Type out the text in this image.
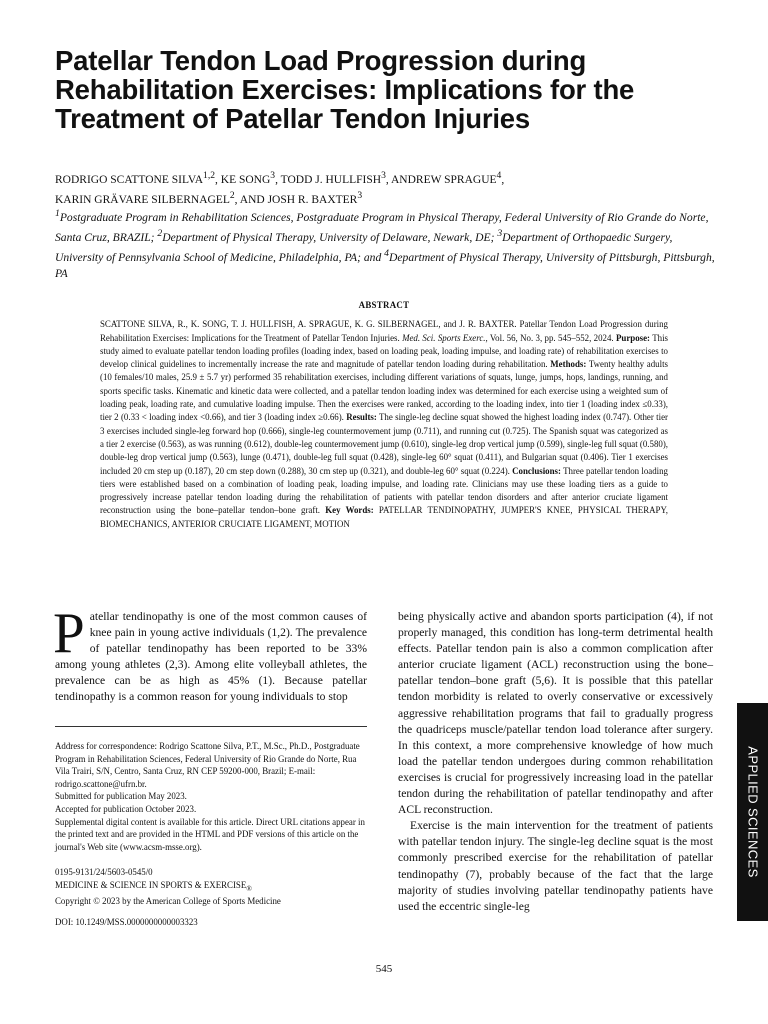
Patellar Tendon Load Progression during Rehabilitation Exercises: Implications for the Treatment of Patellar Tendon Injuries
RODRIGO SCATTONE SILVA$^{1,2}$, KE SONG$^3$, TODD J. HULLFISH$^3$, ANDREW SPRAGUE$^4$,
KARIN GRÄVARE SILBERNAGEL$^2$, AND JOSH R. BAXTER$^3$
$^1$Postgraduate Program in Rehabilitation Sciences, Postgraduate Program in Physical Therapy, Federal University of Rio Grande do Norte, Santa Cruz, BRAZIL; $^2$Department of Physical Therapy, University of Delaware, Newark, DE; $^3$Department of Orthopaedic Surgery, University of Pennsylvania School of Medicine, Philadelphia, PA; and $^4$Department of Physical Therapy, University of Pittsburgh, Pittsburgh, PA
ABSTRACT

SCATTONE SILVA, R., K. SONG, T. J. HULLFISH, A. SPRAGUE, K. G. SILBERNAGEL, and J. R. BAXTER. Patellar Tendon Load Progression during Rehabilitation Exercises: Implications for the Treatment of Patellar Tendon Injuries. Med. Sci. Sports Exerc., Vol. 56, No. 3, pp. 545–552, 2024. Purpose: This study aimed to evaluate patellar tendon loading profiles (loading index, based on loading peak, loading impulse, and loading rate) of rehabilitation exercises to develop clinical guidelines to incrementally increase the rate and magnitude of patellar tendon loading during rehabilitation. Methods: Twenty healthy adults (10 females/10 males, 25.9 ± 5.7 yr) performed 35 rehabilitation exercises, including different variations of squats, lunge, jumps, hops, landings, running, and sports specific tasks. Kinematic and kinetic data were collected, and a patellar tendon loading index was determined for each exercise using a weighted sum of loading peak, loading rate, and cumulative loading impulse. Then the exercises were ranked, according to the loading index, into tier 1 (loading index ≤0.33), tier 2 (0.33 < loading index <0.66), and tier 3 (loading index ≥0.66). Results: The single-leg decline squat showed the highest loading index (0.747). Other tier 3 exercises included single-leg forward hop (0.666), single-leg countermovement jump (0.711), and running cut (0.725). The Spanish squat was categorized as a tier 2 exercise (0.563), as was running (0.612), double-leg countermovement jump (0.610), single-leg drop vertical jump (0.599), single-leg full squat (0.580), double-leg drop vertical jump (0.563), lunge (0.471), double-leg full squat (0.428), single-leg 60° squat (0.411), and Bulgarian squat (0.406). Tier 1 exercises included 20 cm step up (0.187), 20 cm step down (0.288), 30 cm step up (0.321), and double-leg 60° squat (0.224). Conclusions: Three patellar tendon loading tiers were established based on a combination of loading peak, loading impulse, and loading rate. Clinicians may use these loading tiers as a guide to progressively increase patellar tendon loading during the rehabilitation of patients with patellar tendon disorders and after anterior cruciate ligament reconstruction using the bone–patellar tendon–bone graft. Key Words: PATELLAR TENDINOPATHY, JUMPER'S KNEE, PHYSICAL THERAPY, BIOMECHANICS, ANTERIOR CRUCIATE LIGAMENT, MOTION

Patellar tendinopathy is one of the most common causes of knee pain in young active individuals (1,2). The prevalence of patellar tendinopathy has been reported to be 33% among young athletes (2,3). Among elite volleyball athletes, the prevalence can be as high as 45% (1). Because patellar tendinopathy is a common reason for young individuals to stop

Address for correspondence: Rodrigo Scattone Silva, P.T., M.Sc., Ph.D., Postgraduate Program in Rehabilitation Sciences, Federal University of Rio Grande do Norte, Rua Vila Trairi, S/N, Centro, Santa Cruz, RN CEP 59200-000, Brazil; E-mail: rodrigo.scattone@ufrn.br.

Submitted for publication May 2023.

Accepted for publication October 2023.

Supplemental digital content is available for this article. Direct URL citations appear in the printed text and are provided in the HTML and PDF versions of this article on the journal's Web site (www.acsm-msse.org).

0195-9131/24/5603-0545/0

MEDICINE & SCIENCE IN SPORTS & $EXERCISE_®$

Copyright © 2023 by the American College of Sports Medicine

DOI: 10.1249/MSS.0000000000003323

being physically active and abandon sports participation (4), if not properly managed, this condition has long-term detrimental health effects. Patellar tendon pain is also a common complication after anterior cruciate ligament (ACL) reconstruction using the bone–patellar tendon–bone graft (5,6). It is possible that this patellar tendon morbidity is related to overly conservative or excessively aggressive rehabilitation programs that fail to gradually progress the quadriceps muscle/patellar tendon load tolerance after surgery. In this context, a more comprehensive knowledge of how much load the patellar tendon undergoes during common rehabilitation exercises is crucial for progressively increasing load in the patellar tendon during the rehabilitation of patellar tendinopathy and after ACL reconstruction.

Exercise is the main intervention for the treatment of patients with patellar tendon injury. The single-leg decline squat is the most commonly prescribed exercise for the rehabilitation of patellar tendinopathy (7), probably because of the fact that the large majority of studies involving patellar tendinopathy patients have used the eccentric single-leg

APPLIED SCIENCES
545
